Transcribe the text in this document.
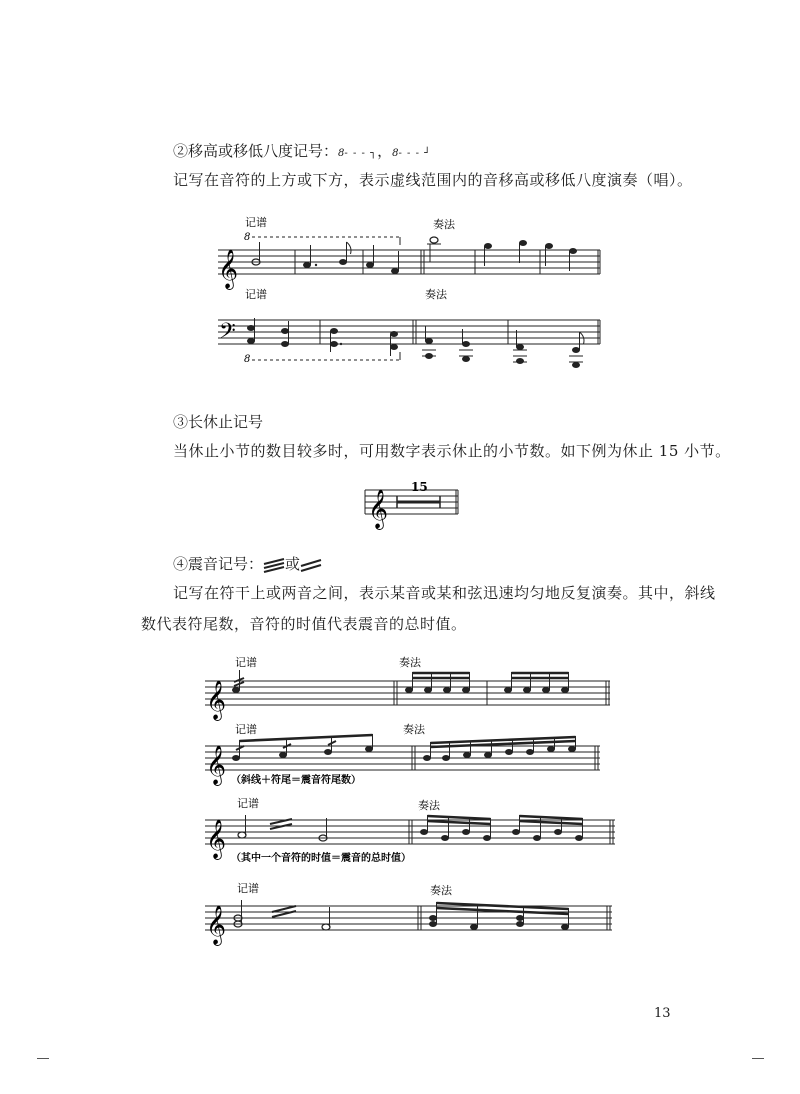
②移高或移低八度记号：8- - - ┐，8- - - ┘
记写在音符的上方或下方，表示虚线范围内的音移高或移低八度演奏（唱）。
记谱	奏法
8
𝄞
记谱	奏法
𝄢
8
𝄞
15
记谱	奏法
𝄞
记谱	奏法
𝄞 （斜线＋符尾＝震音符尾数）
记谱	奏法
𝄞 （其中一个音符的时值＝震音的总时值）
记谱	奏法
𝄞
③长休止记号
当休止小节的数目较多时，可用数字表示休止的小节数。如下例为休止 15 小节。
④震音记号： 或
记写在符干上或两音之间，表示某音或某和弦迅速均匀地反复演奏。其中，斜线
数代表符尾数，音符的时值代表震音的总时值。
13
